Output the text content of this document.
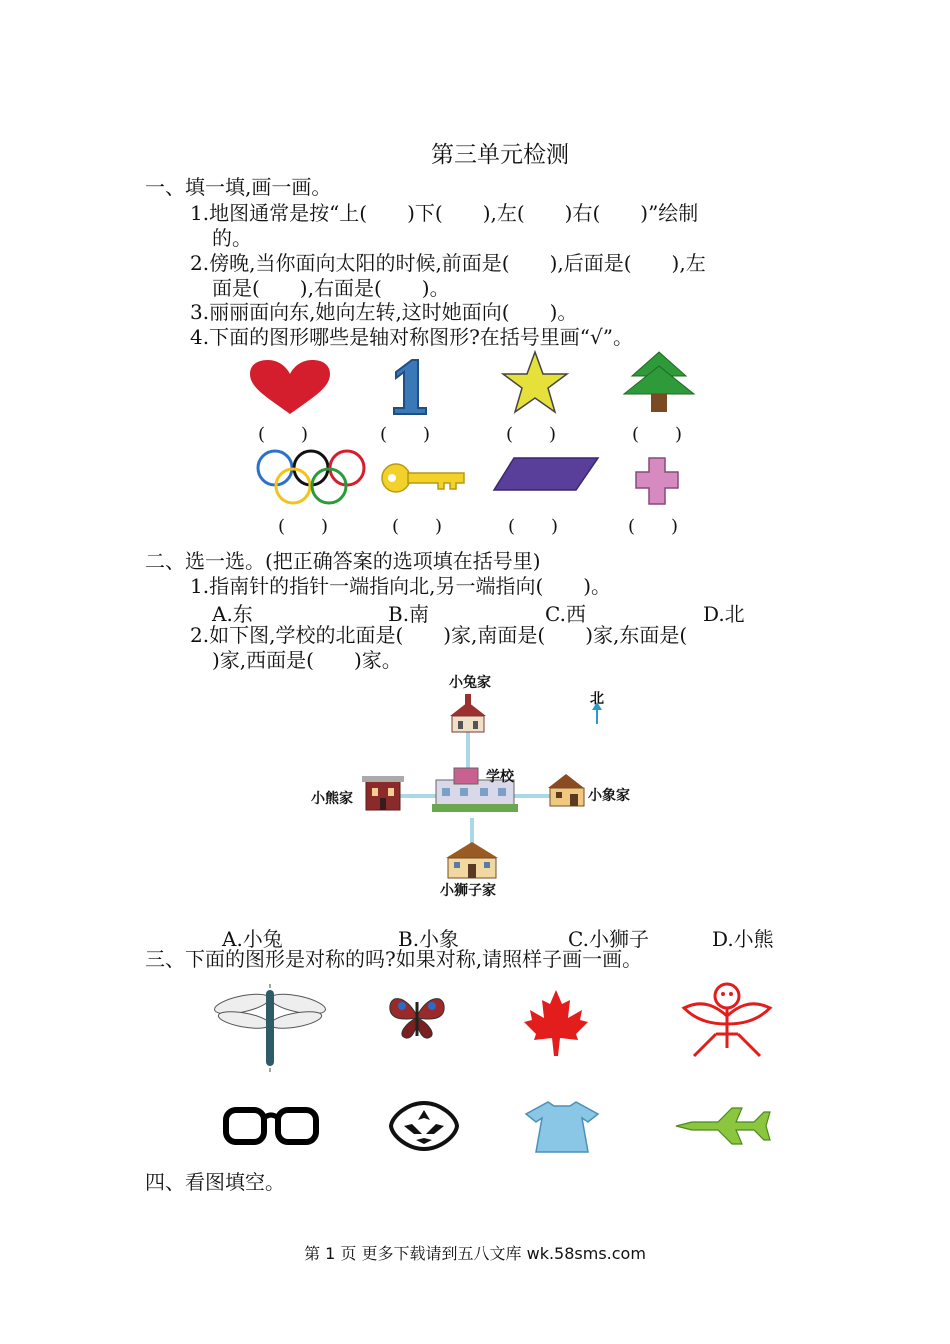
第三单元检测
一、填一填,画一画。
1.地图通常是按“上(　　)下(　　),左(　　)右(　　)”绘制
的。
2.傍晚,当你面向太阳的时候,前面是(　　),后面是(　　),左
面是(　　),右面是(　　)。
3.丽丽面向东,她向左转,这时她面向(　　)。
4.下面的图形哪些是轴对称图形?在括号里画“√”。
(　　)	(　　)	(　　)	(　　)
(　　)	(　　)	(　　)	(　　)
二、选一选。(把正确答案的选项填在括号里)
1.指南针的指针一端指向北,另一端指向(　　)。
A.东	B.南	C.西	D.北
2.如下图,学校的北面是(　　)家,南面是(　　)家,东面是(
)家,西面是(　　)家。
北
小兔家
学校
小熊家	小象家
小狮子家
A.小兔	B.小象	C.小狮子	D.小熊
三、下面的图形是对称的吗?如果对称,请照样子画一画。
四、看图填空。
第 1 页 更多下载请到五八文库 wk.58sms.com
